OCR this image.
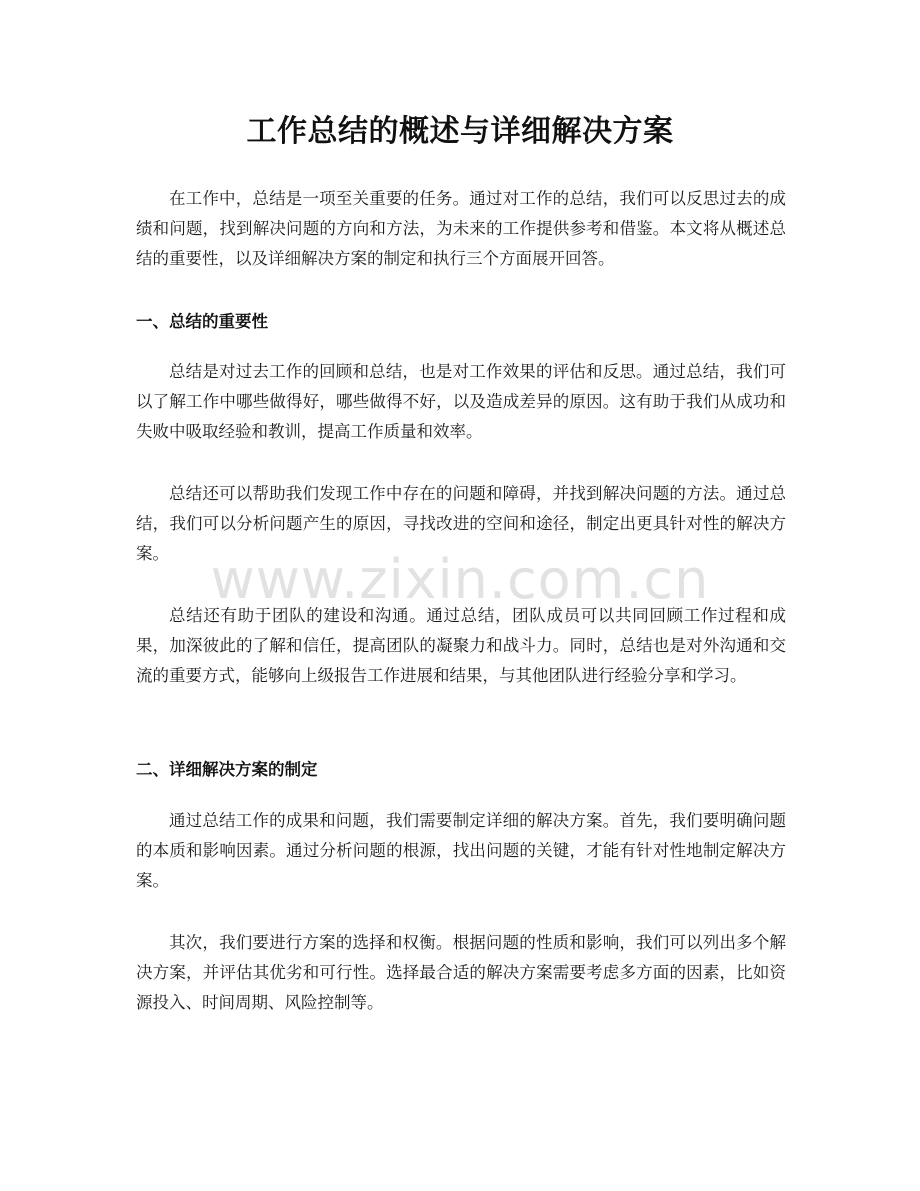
工作总结的概述与详细解决方案

在工作中，总结是一项至关重要的任务。通过对工作的总结，我们可以反思过去的成绩和问题，找到解决问题的方向和方法，为未来的工作提供参考和借鉴。本文将从概述总结的重要性，以及详细解决方案的制定和执行三个方面展开回答。

一、总结的重要性

总结是对过去工作的回顾和总结，也是对工作效果的评估和反思。通过总结，我们可以了解工作中哪些做得好，哪些做得不好，以及造成差异的原因。这有助于我们从成功和失败中吸取经验和教训，提高工作质量和效率。

总结还可以帮助我们发现工作中存在的问题和障碍，并找到解决问题的方法。通过总结，我们可以分析问题产生的原因，寻找改进的空间和途径，制定出更具针对性的解决方案。

总结还有助于团队的建设和沟通。通过总结，团队成员可以共同回顾工作过程和成果，加深彼此的了解和信任，提高团队的凝聚力和战斗力。同时，总结也是对外沟通和交流的重要方式，能够向上级报告工作进展和结果，与其他团队进行经验分享和学习。

二、详细解决方案的制定

通过总结工作的成果和问题，我们需要制定详细的解决方案。首先，我们要明确问题的本质和影响因素。通过分析问题的根源，找出问题的关键，才能有针对性地制定解决方案。

其次，我们要进行方案的选择和权衡。根据问题的性质和影响，我们可以列出多个解决方案，并评估其优劣和可行性。选择最合适的解决方案需要考虑多方面的因素，比如资源投入、时间周期、风险控制等。

www.zixin.com.cn
